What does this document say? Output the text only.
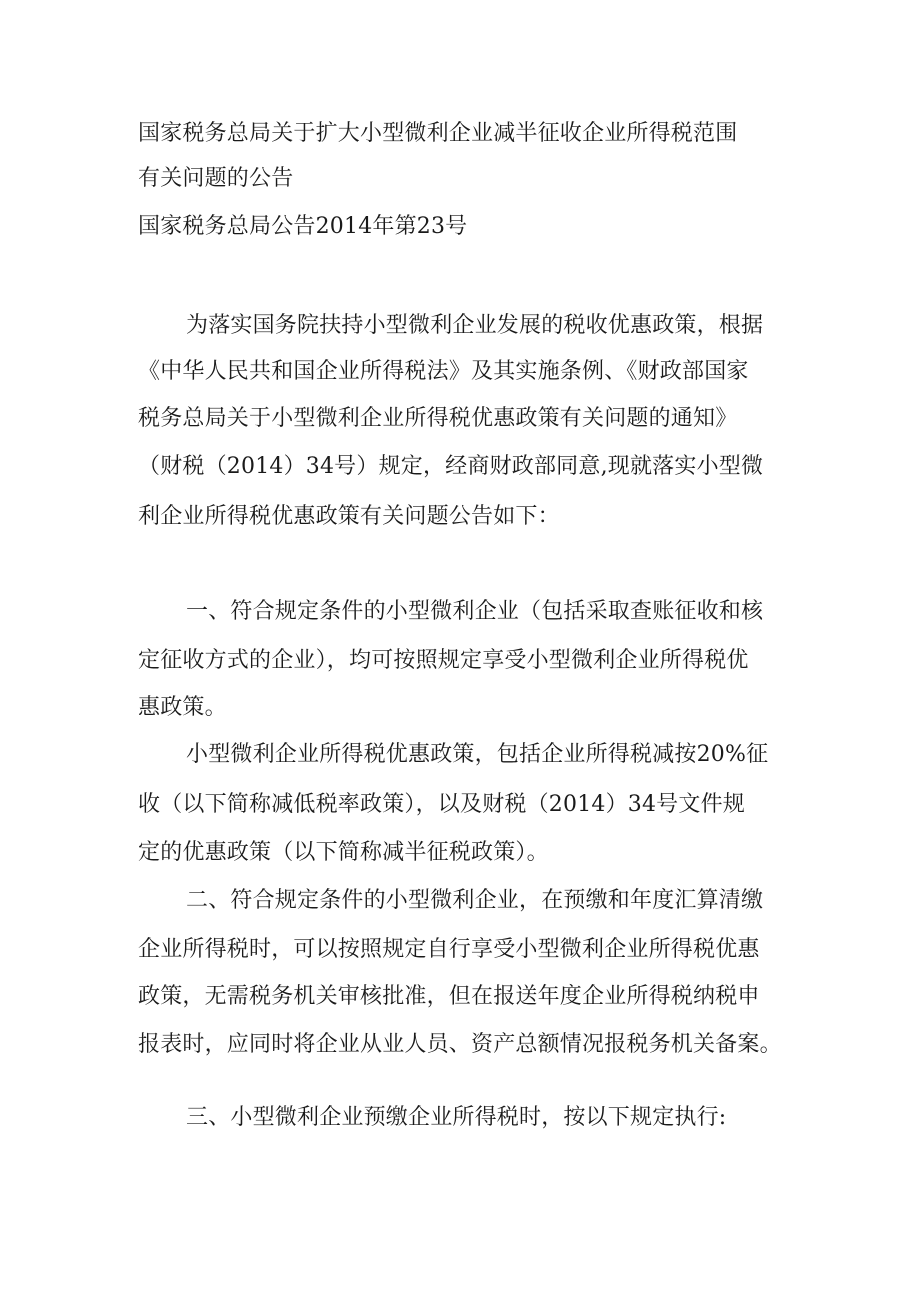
国家税务总局关于扩大小型微利企业减半征收企业所得税范围
有关问题的公告
国家税务总局公告2014年第23号
为落实国务院扶持小型微利企业发展的税收优惠政策，根据
《中华人民共和国企业所得税法》及其实施条例、《财政部国家
税务总局关于小型微利企业所得税优惠政策有关问题的通知》
（财税（2014）34号）规定，经商财政部同意,现就落实小型微
利企业所得税优惠政策有关问题公告如下：
一、符合规定条件的小型微利企业（包括采取查账征收和核
定征收方式的企业），均可按照规定享受小型微利企业所得税优
惠政策。
小型微利企业所得税优惠政策，包括企业所得税减按20%征
收（以下简称减低税率政策），以及财税（2014）34号文件规
定的优惠政策（以下简称减半征税政策）。
二、符合规定条件的小型微利企业，在预缴和年度汇算清缴
企业所得税时，可以按照规定自行享受小型微利企业所得税优惠
政策，无需税务机关审核批准，但在报送年度企业所得税纳税申
报表时，应同时将企业从业人员、资产总额情况报税务机关备案。
三、小型微利企业预缴企业所得税时，按以下规定执行:
